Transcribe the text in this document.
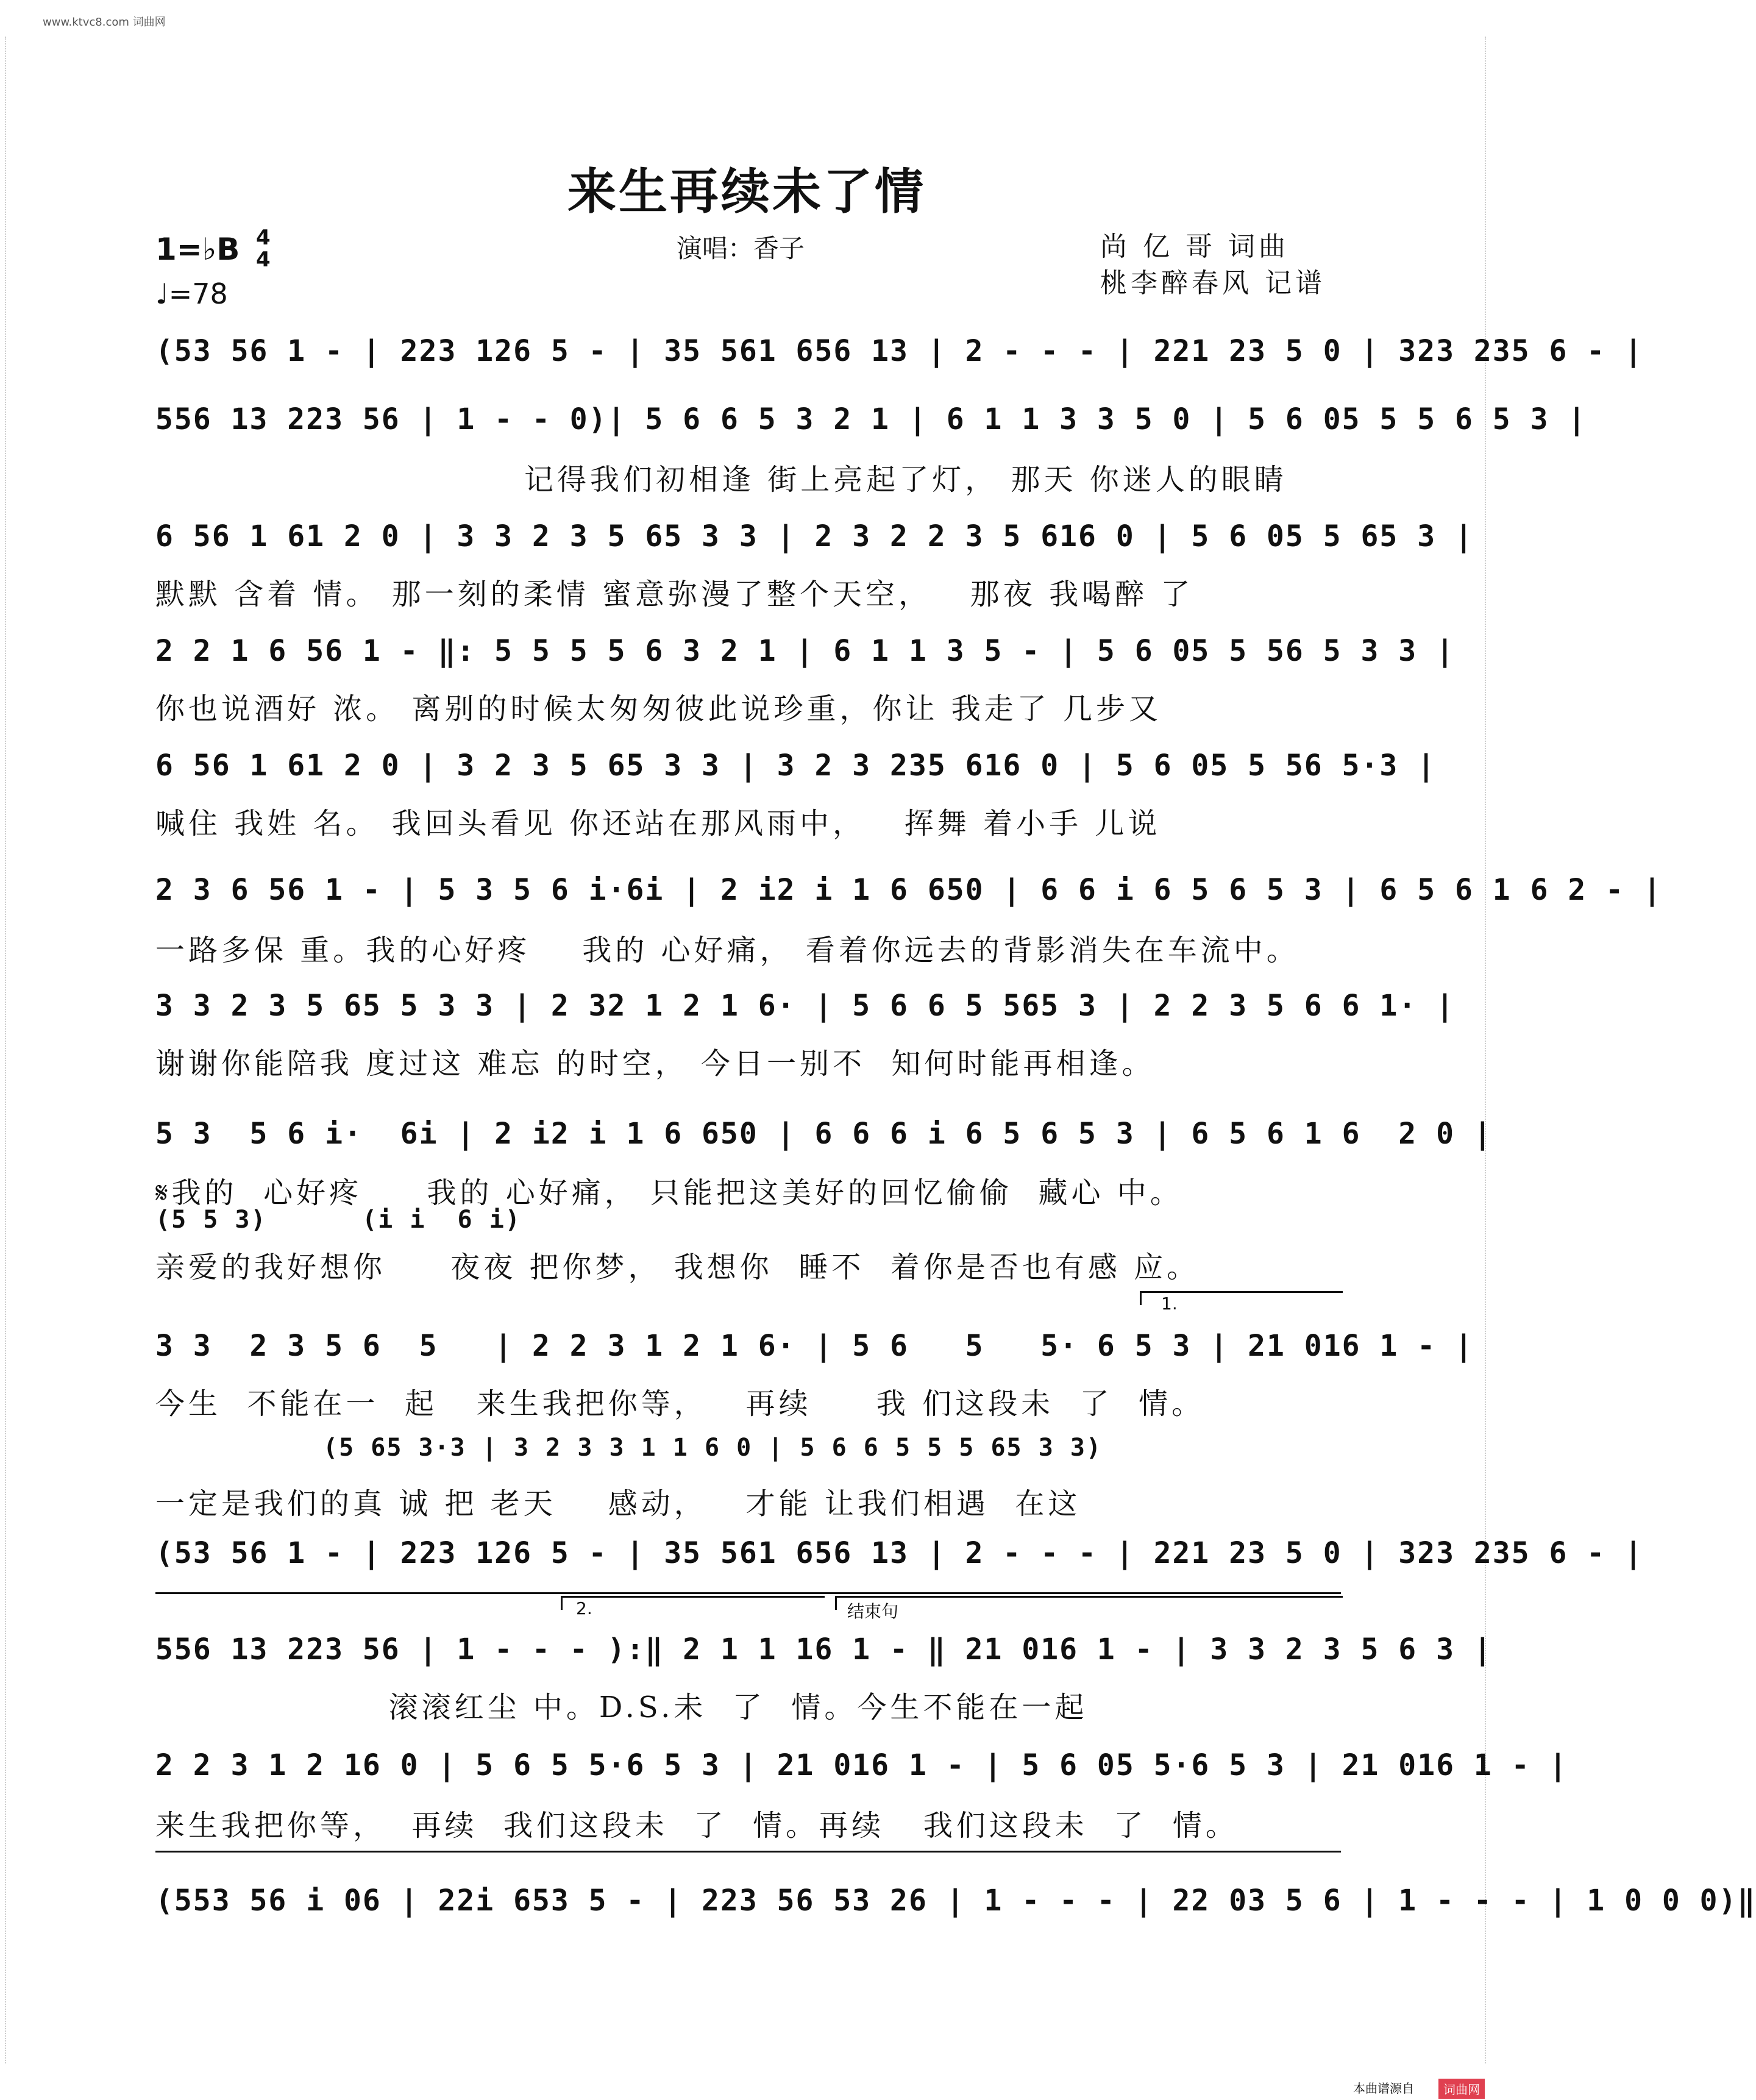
www.ktvc8.com 词曲网
来生再续未了情
1=♭B 4
4
♩=78
演唱：香子	尚 亿 哥 词曲
桃李醉春风 记谱
(53 56 1 - | 223 126 5 - | 35 561 656 13 | 2 - - - | 221 23 5 0 | 323 235 6 - |
556 13 223 56 | 1 - - 0)| 5 6 6 5 3 2 1 | 6 1 1 3 3 5 0 | 5 6 05 5 5 6 5 3 |
记得我们初相逢 街上亮起了灯， 那天 你迷人的眼睛
6 56 1 61 2 0 | 3 3 2 3 5 65 3 3 | 2 3 2 2 3 5 616 0 | 5 6 05 5 65 3 |
默默 含着 情。 那一刻的柔情 蜜意弥漫了整个天空，   那夜 我喝醉 了
2 2 1 6 56 1 - ‖: 5 5 5 5 6 3 2 1 | 6 1 1 3 5 - | 5 6 05 5 56 5 3 3 |
你也说酒好 浓。 离别的时候太匆匆彼此说珍重，你让 我走了 几步又
6 56 1 61 2 0 | 3 2 3 5 65 3 3 | 3 2 3 235 616 0 | 5 6 05 5 56 5·3 |
喊住 我姓 名。 我回头看见 你还站在那风雨中，   挥舞 着小手 儿说
2 3 6 56 1 - | 5 3 5 6 i·6i | 2 i2 i 1 6 650 | 6 6 i 6 5 6 5 3 | 6 5 6 1 6 2 - |
一路多保 重。我的心好疼    我的 心好痛， 看着你远去的背影消失在车流中。
3 3 2 3 5 65 5 3 3 | 2 32 1 2 1 6· | 5 6 6 5 565 3 | 2 2 3 5 6 6 1· |
谢谢你能陪我 度过这 难忘 的时空， 今日一别不  知何时能再相逢。
5 3  5 6 i·  6i | 2 i2 i 1 6 650 | 6 6 6 i 6 5 6 5 3 | 6 5 6 1 6  2 0 |
𝄋我的  心好疼     我的 心好痛， 只能把这美好的回忆偷偷  藏心 中。
(5 5 3)      (i i  6 i)
亲爱的我好想你     夜夜 把你梦， 我想你  睡不  着你是否也有感 应。
1.
3 3  2 3 5 6  5   | 2 2 3 1 2 1 6· | 5 6   5   5· 6 5 3 | 21 016 1 - |
今生  不能在一  起   来生我把你等，   再续     我 们这段未  了  情。
(5 65 3·3 | 3 2 3 3 1 1 6 0 | 5 6 6 5 5 5 65 3 3)
一定是我们的真 诚 把 老天    感动，   才能 让我们相遇  在这
(53 56 1 - | 223 126 5 - | 35 561 656 13 | 2 - - - | 221 23 5 0 | 323 235 6 - |
2.	结束句
556 13 223 56 | 1 - - - ):‖ 2 1 1 16 1 - ‖ 21 016 1 - | 3 3 2 3 5 6 3 |
滚滚红尘 中。D.S.未  了  情。今生不能在一起
2 2 3 1 2 16 0 | 5 6 5 5·6 5 3 | 21 016 1 - | 5 6 05 5·6 5 3 | 21 016 1 - |
来生我把你等，  再续  我们这段未  了  情。再续   我们这段未  了  情。
(553 56 i 06 | 22i 653 5 - | 223 56 53 26 | 1 - - - | 22 03 5 6 | 1 - - - | 1 0 0 0)‖
本曲谱源自	词曲网
